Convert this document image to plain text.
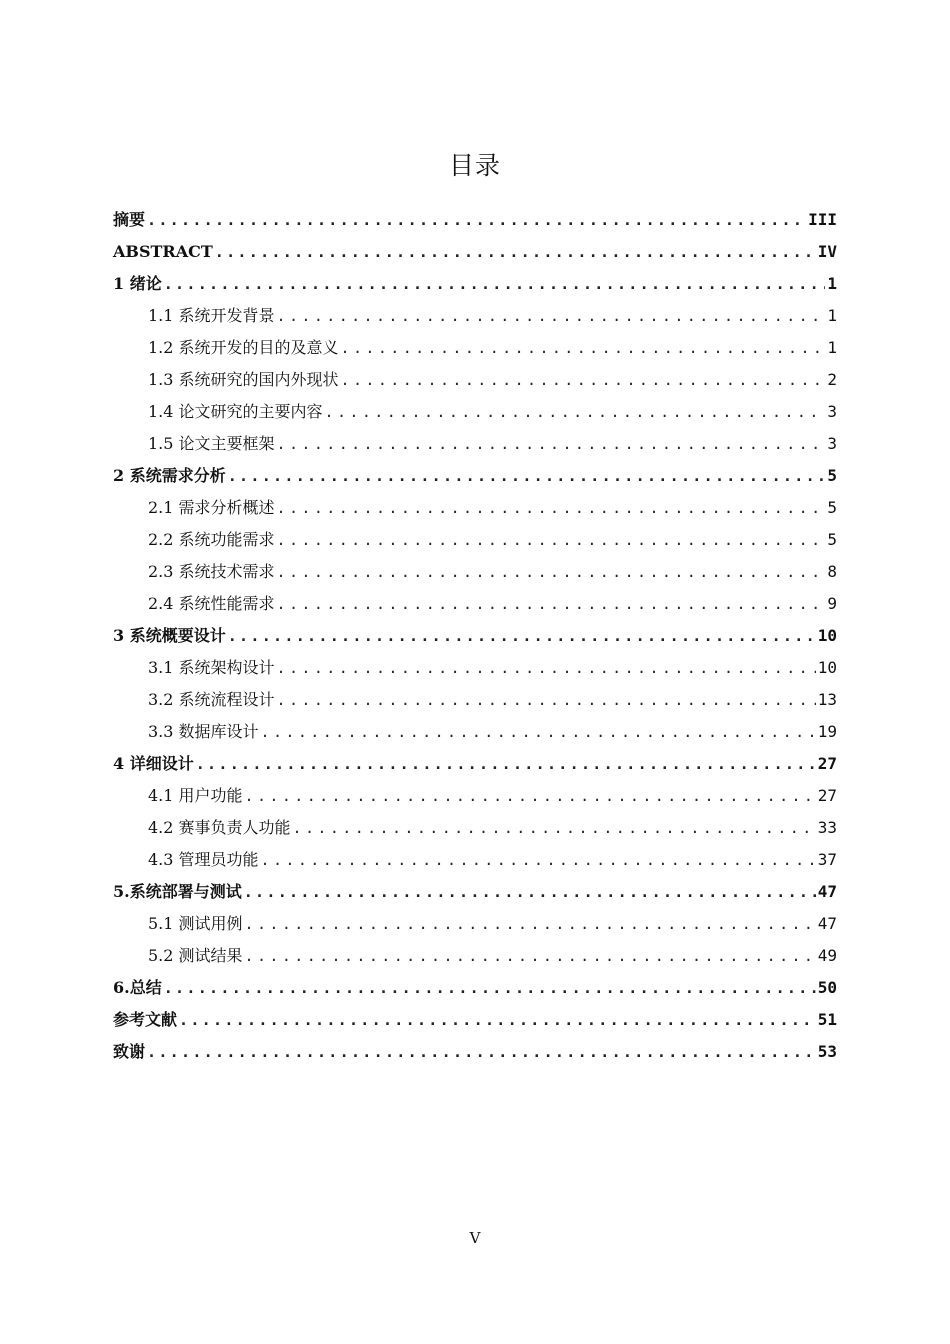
目录
摘要 .....	III
ABSTRACT .....	IV
1 绪论 .....	1
1.1 系统开发背景 .....	1
1.2 系统开发的目的及意义 .....	1
1.3 系统研究的国内外现状 .....	2
1.4 论文研究的主要内容 .....	3
1.5 论文主要框架 .....	3
2 系统需求分析 .....	5
2.1 需求分析概述 .....	5
2.2 系统功能需求 .....	5
2.3 系统技术需求 .....	8
2.4 系统性能需求 .....	9
3 系统概要设计 .....	10
3.1 系统架构设计 .....	10
3.2 系统流程设计 .....	13
3.3 数据库设计 .....	19
4 详细设计 .....	27
4.1 用户功能 .....	27
4.2 赛事负责人功能 .....	33
4.3 管理员功能 .....	37
5.系统部署与测试 .....	47
5.1 测试用例 .....	47
5.2 测试结果 .....	49
6.总结 .....	50
参考文献 .....	51
致谢 .....	53
V
